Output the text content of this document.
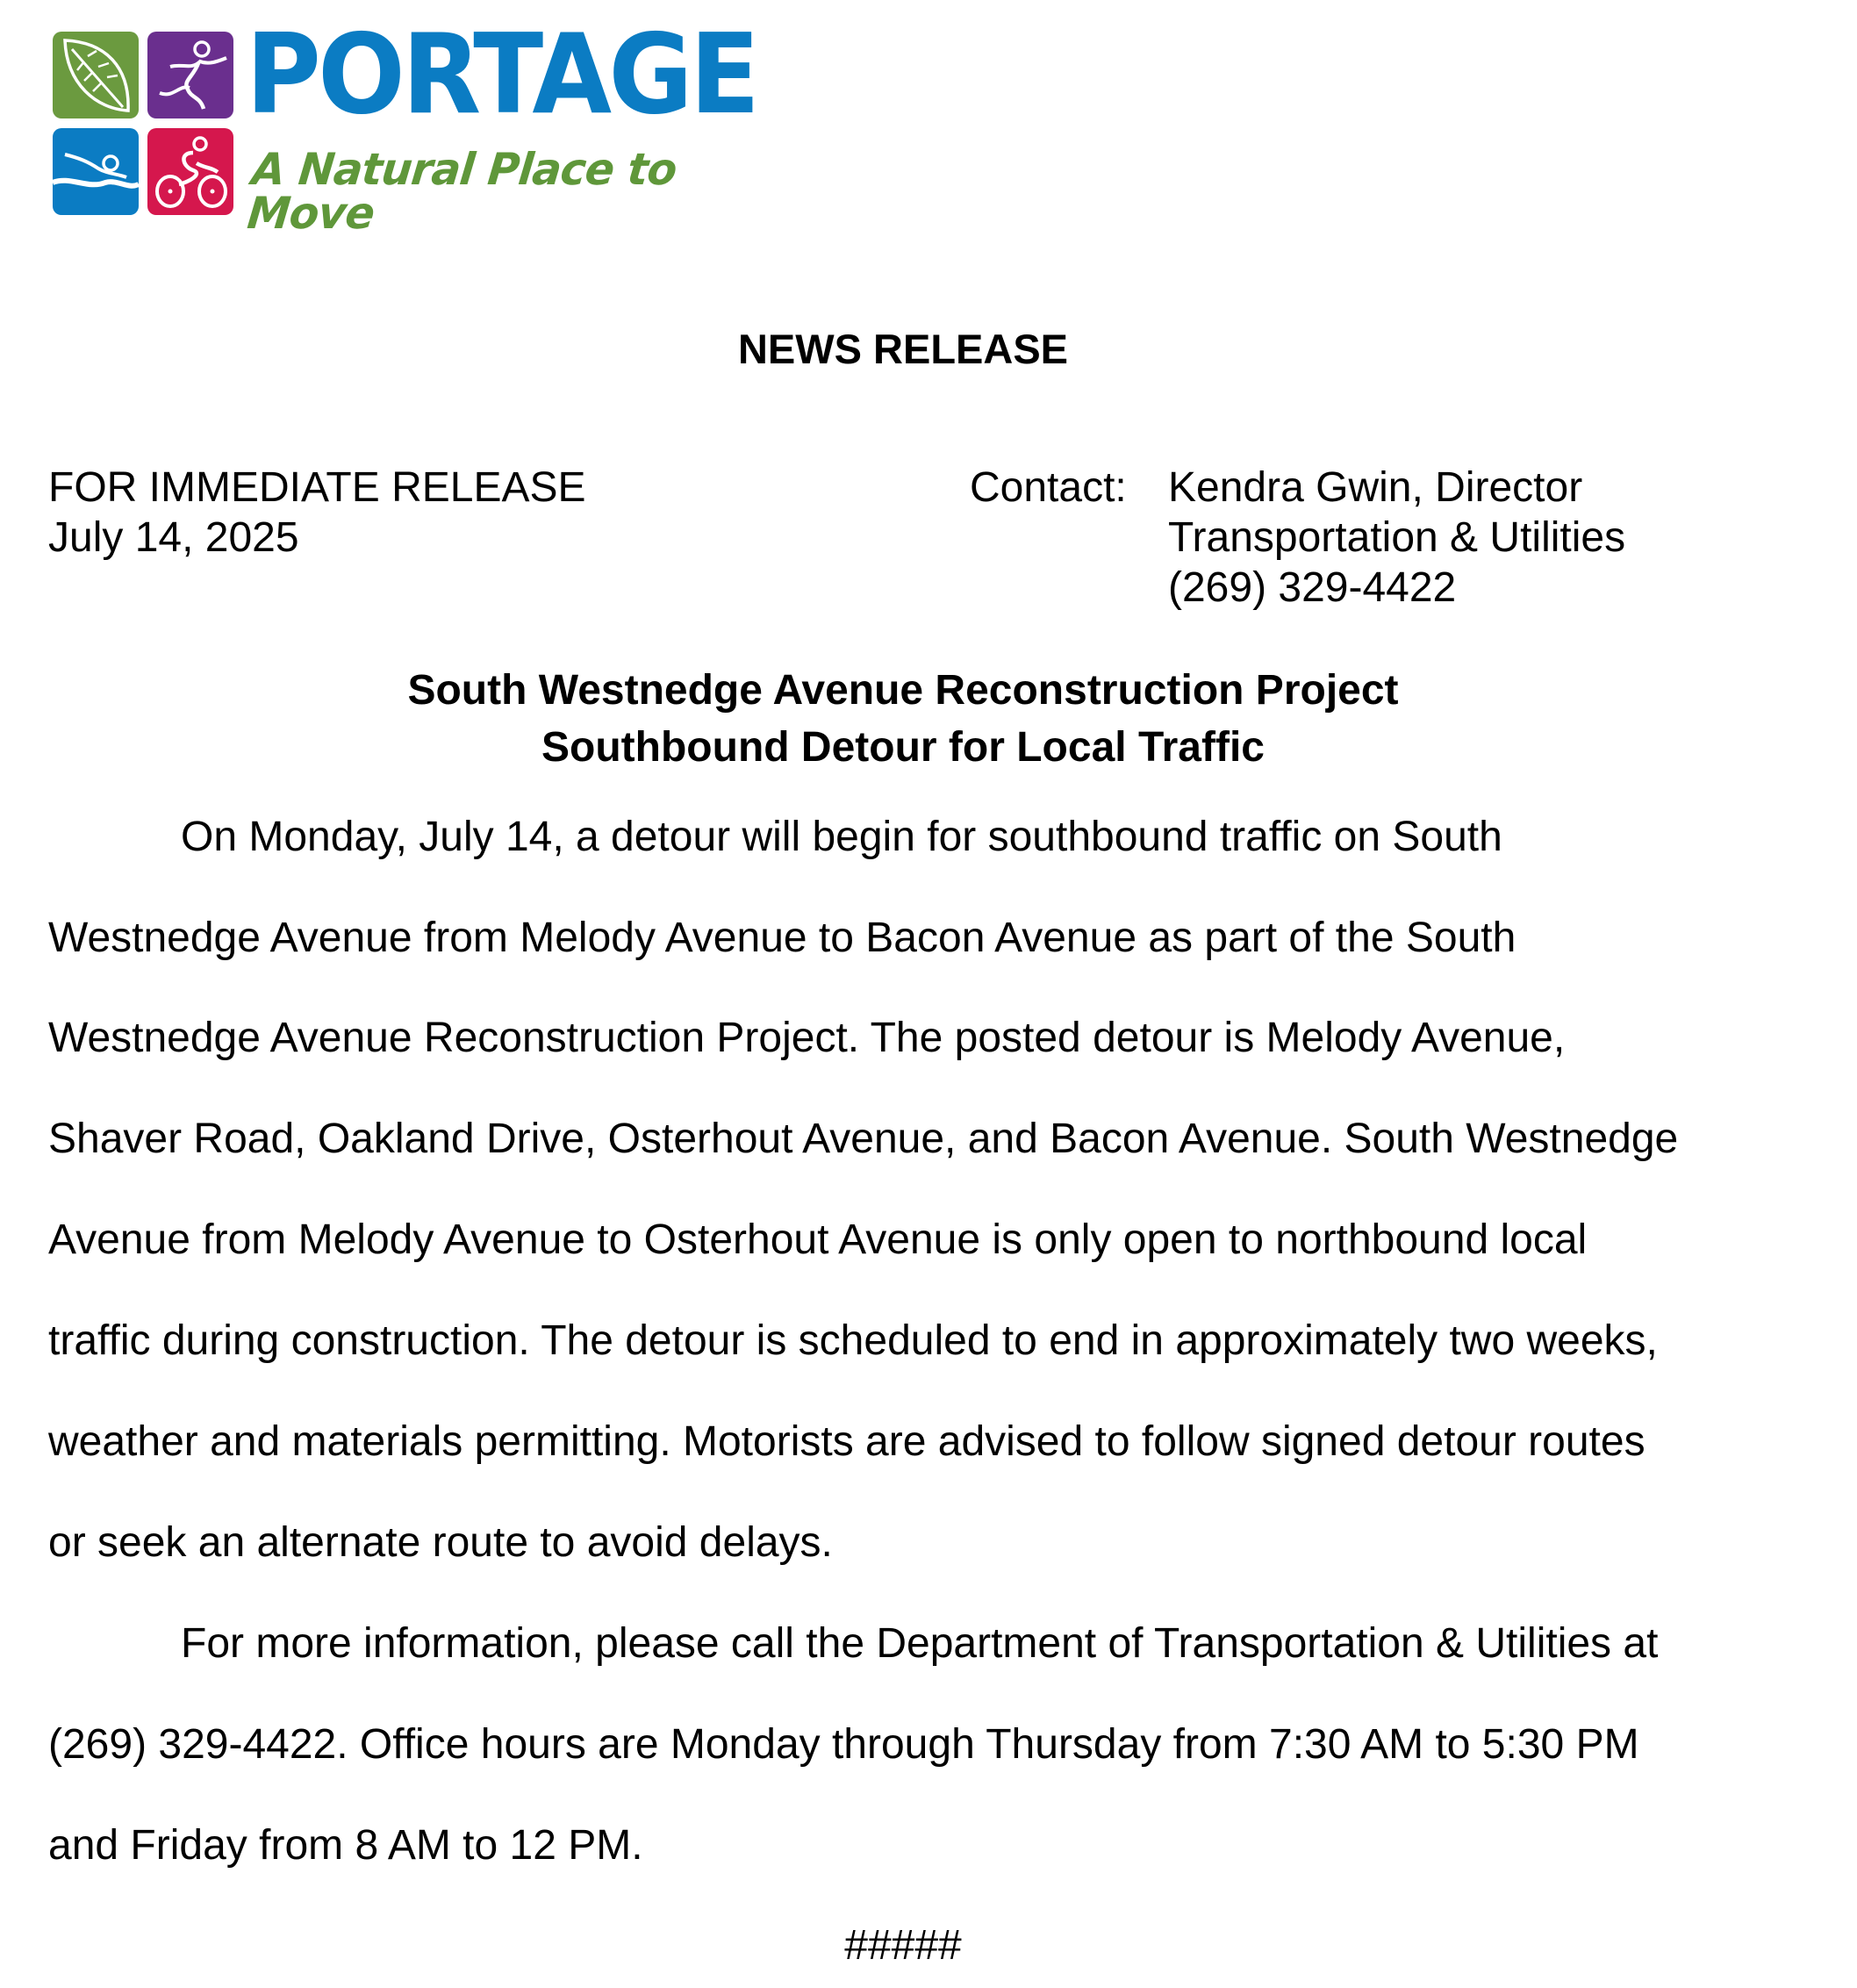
PORTAGE
A Natural Place to Move
NEWS RELEASE
FOR IMMEDIATE RELEASE
July 14, 2025
Contact: Kendra Gwin, Director
Transportation & Utilities
(269) 329-4422
South Westnedge Avenue Reconstruction Project
Southbound Detour for Local Traffic
On Monday, July 14, a detour will begin for southbound traffic on South
Westnedge Avenue from Melody Avenue to Bacon Avenue as part of the South
Westnedge Avenue Reconstruction Project. The posted detour is Melody Avenue,
Shaver Road, Oakland Drive, Osterhout Avenue, and Bacon Avenue. South Westnedge
Avenue from Melody Avenue to Osterhout Avenue is only open to northbound local
traffic during construction. The detour is scheduled to end in approximately two weeks,
weather and materials permitting. Motorists are advised to follow signed detour routes
or seek an alternate route to avoid delays.
For more information, please call the Department of Transportation & Utilities at
(269) 329-4422. Office hours are Monday through Thursday from 7:30 AM to 5:30 PM
and Friday from 8 AM to 12 PM.
#####
